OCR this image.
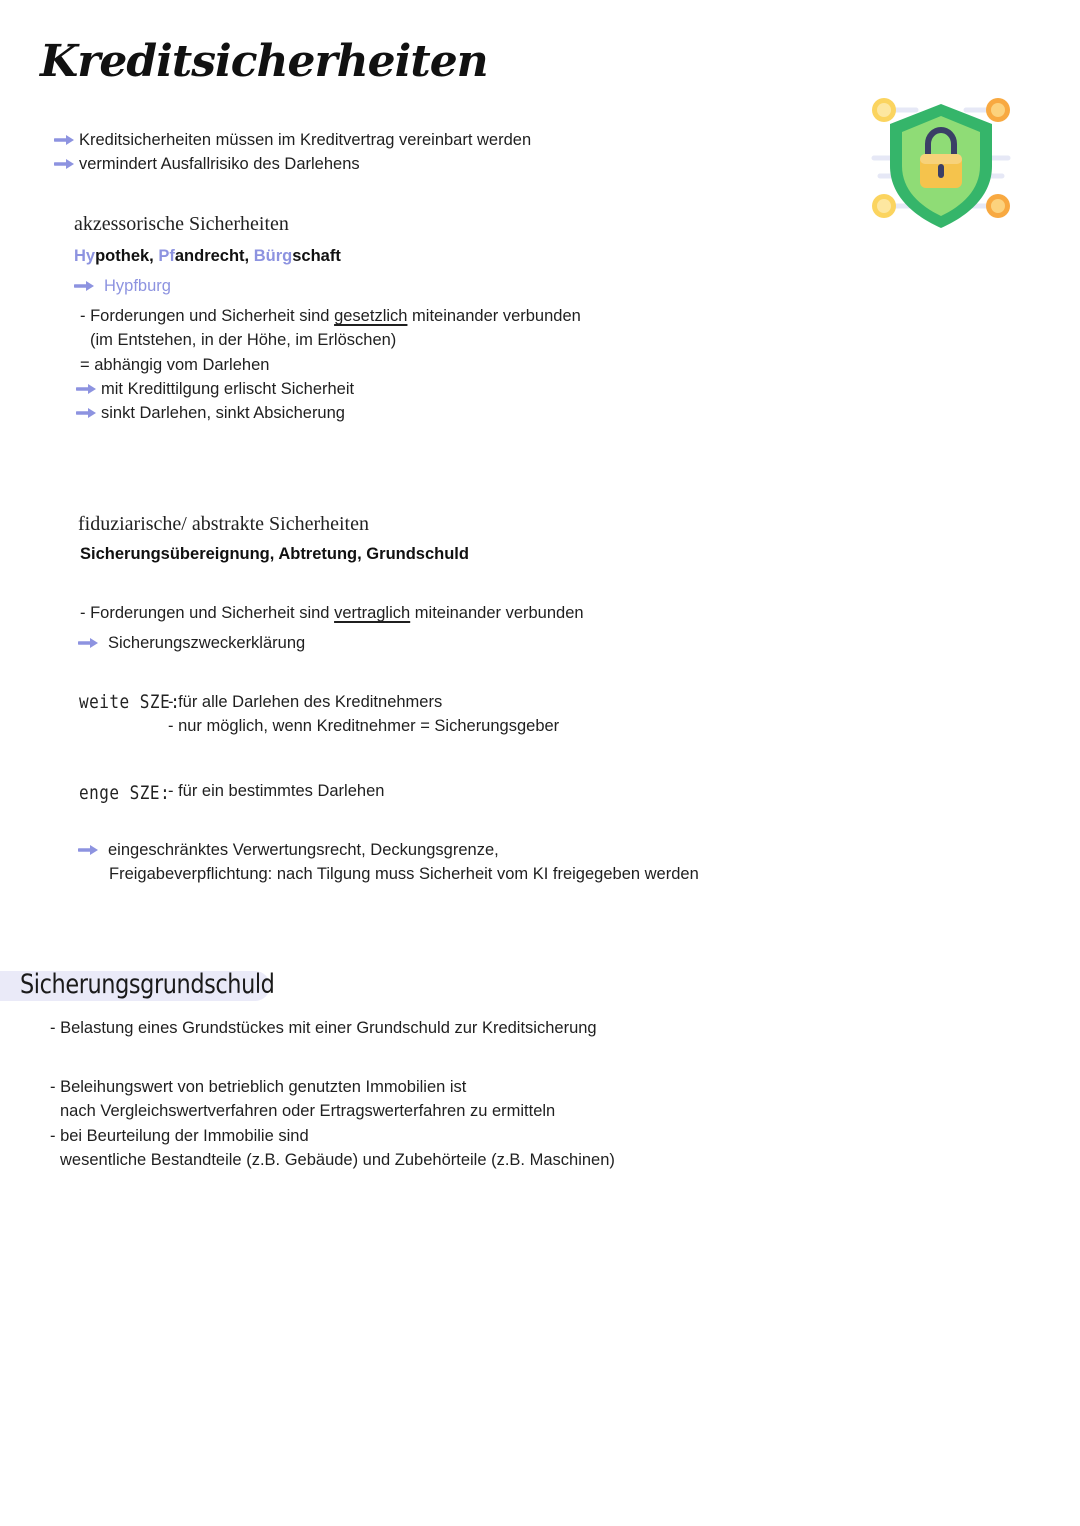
Kreditsicherheiten
Kreditsicherheiten müssen im Kreditvertrag vereinbart werden
vermindert Ausfallrisiko des Darlehens
akzessorische Sicherheiten
Hypothek, Pfandrecht, Bürgschaft
Hypfburg
- Forderungen und Sicherheit sind gesetzlich miteinander verbunden
(im Entstehen, in der Höhe, im Erlöschen)
= abhängig vom Darlehen
mit Kredittilgung erlischt Sicherheit
sinkt Darlehen, sinkt Absicherung
fiduziarische/ abstrakte Sicherheiten
Sicherungsübereignung, Abtretung, Grundschuld
- Forderungen und Sicherheit sind vertraglich miteinander verbunden
Sicherungszweckerklärung
weite SZE:
- für alle Darlehen des Kreditnehmers
- nur möglich, wenn Kreditnehmer = Sicherungsgeber
enge SZE:
- für ein bestimmtes Darlehen
eingeschränktes Verwertungsrecht, Deckungsgrenze,
Freigabeverpflichtung: nach Tilgung muss Sicherheit vom KI freigegeben werden
Sicherungsgrundschuld
- Belastung eines Grundstückes mit einer Grundschuld zur Kreditsicherung
- Beleihungswert von betrieblich genutzten Immobilien ist
nach Vergleichswertverfahren oder Ertragswerterfahren zu ermitteln
- bei Beurteilung der Immobilie sind
wesentliche Bestandteile (z.B. Gebäude) und Zubehörteile (z.B. Maschinen)
